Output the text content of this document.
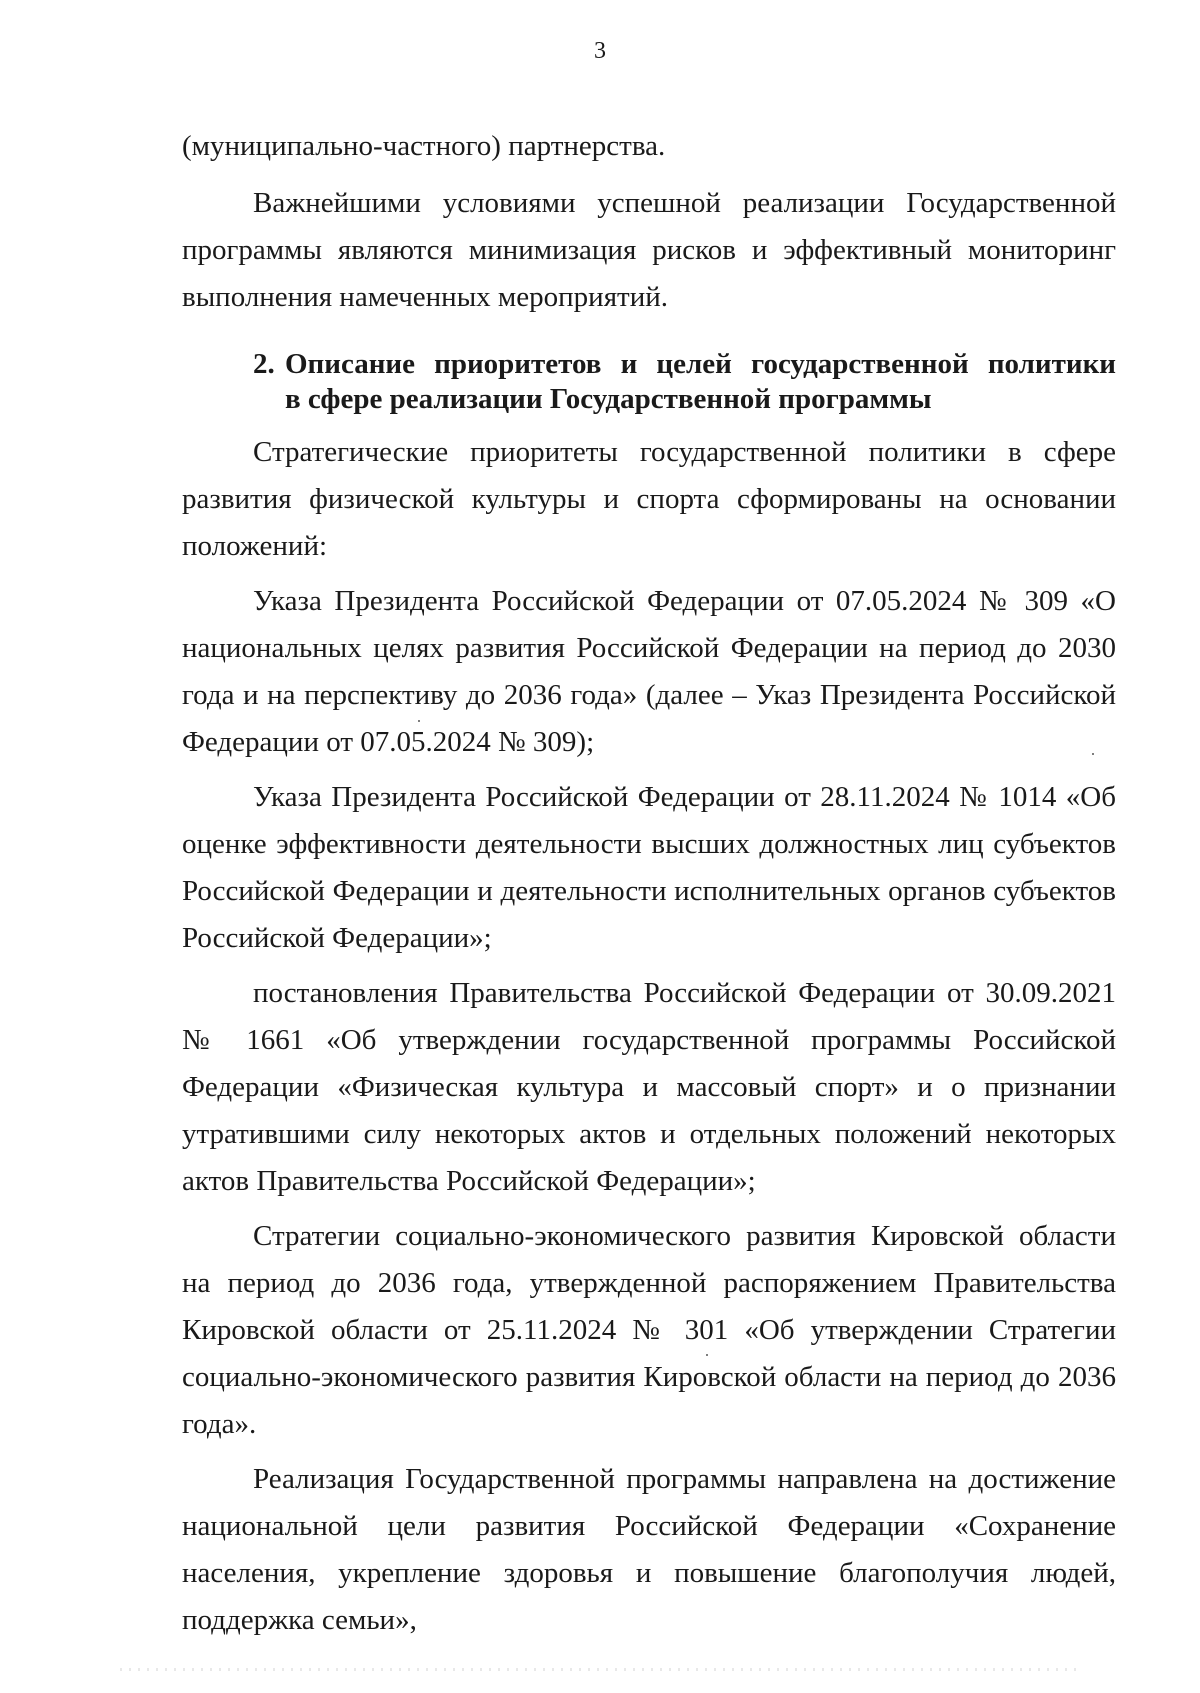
3

(муниципально-частного) партнерства.

Важнейшими условиями успешной реализации Государственной программы являются минимизация рисков и эффективный мониторинг выполнения намеченных мероприятий.

2. Описание приоритетов и целей государственной политики
в сфере реализации Государственной программы

Стратегические приоритеты государственной политики в сфере развития физической культуры и спорта сформированы на основании положений:

Указа Президента Российской Федерации от 07.05.2024 № 309 «О национальных целях развития Российской Федерации на период до 2030 года и на перспективу до 2036 года» (далее – Указ Президента Российской Федерации от 07.05.2024 № 309);

Указа Президента Российской Федерации от 28.11.2024 № 1014 «Об оценке эффективности деятельности высших должностных лиц субъектов Российской Федерации и деятельности исполнительных органов субъектов Российской Федерации»;

постановления Правительства Российской Федерации от 30.09.2021 № 1661 «Об утверждении государственной программы Российской Федерации «Физическая культура и массовый спорт» и о признании утратившими силу некоторых актов и отдельных положений некоторых актов Правительства Российской Федерации»;

Стратегии социально-экономического развития Кировской области на период до 2036 года, утвержденной распоряжением Правительства Кировской области от 25.11.2024 № 301 «Об утверждении Стратегии социально-экономического развития Кировской области на период до 2036 года».

Реализация Государственной программы направлена на достижение национальной цели развития Российской Федерации «Сохранение населения, укрепление здоровья и повышение благополучия людей, поддержка семьи»,
